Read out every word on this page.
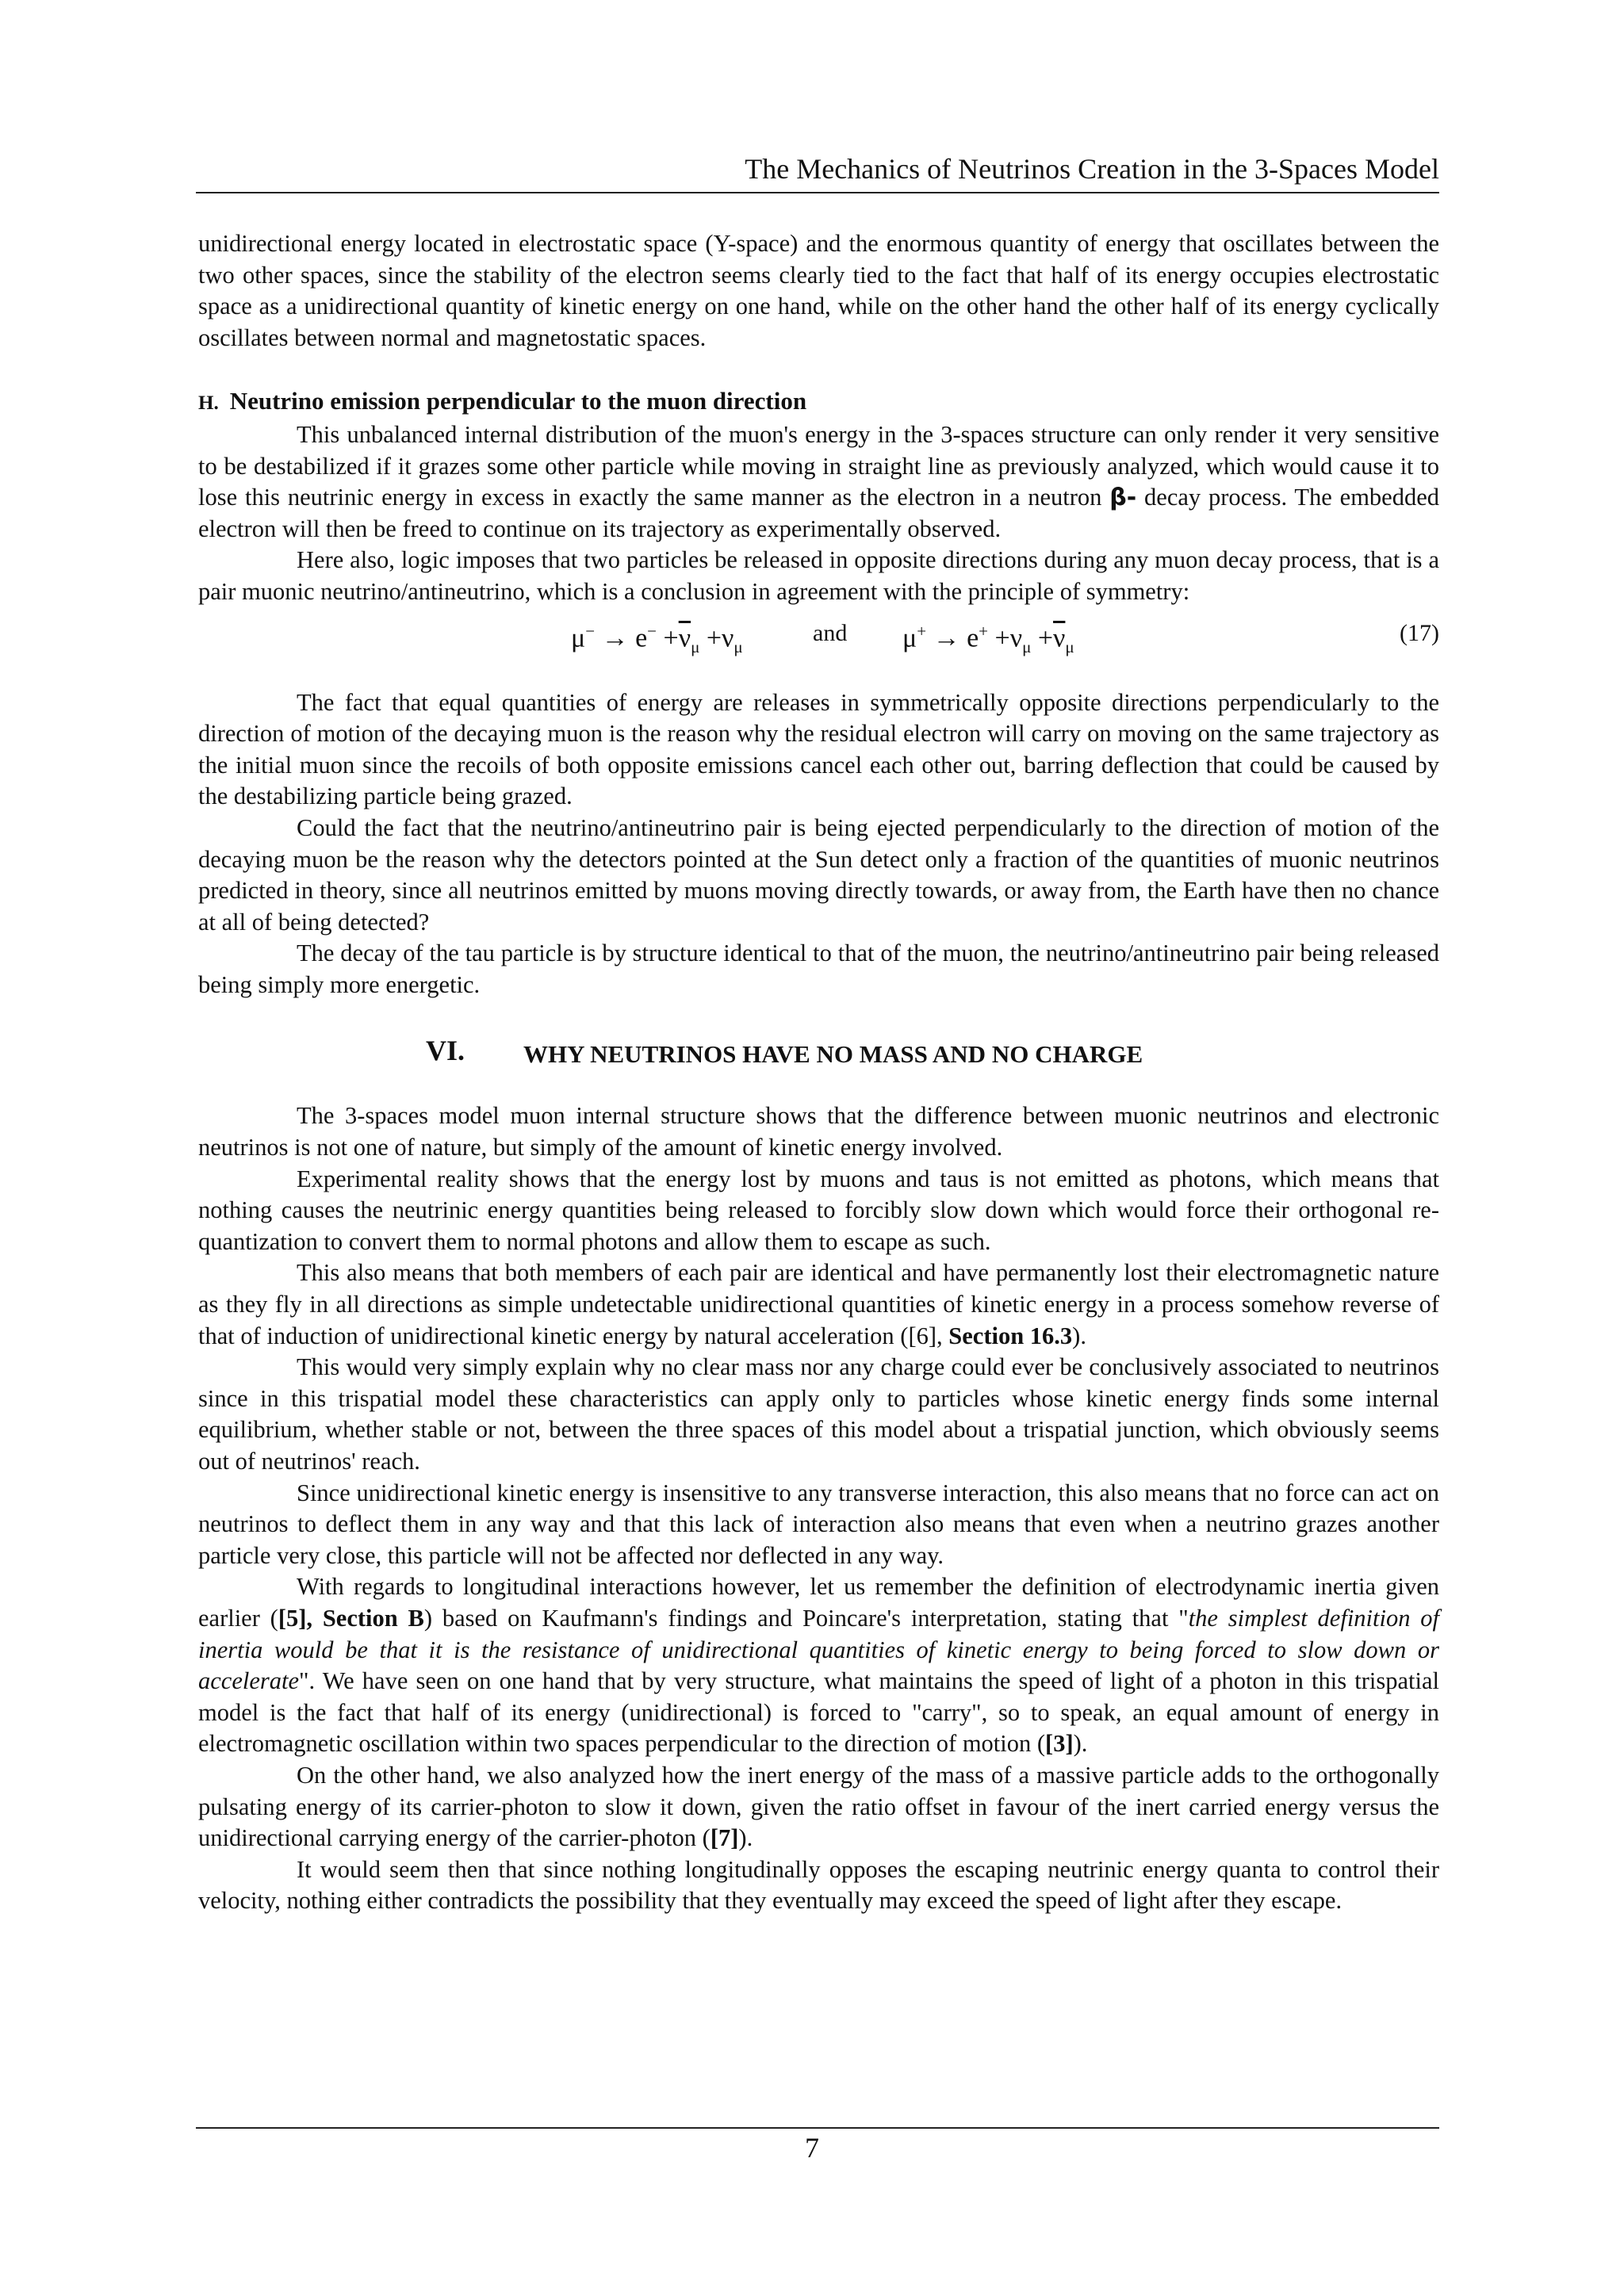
The Mechanics of Neutrinos Creation in the 3-Spaces Model

unidirectional energy located in electrostatic space (Y-space) and the enormous quantity of energy that oscillates between the two other spaces, since the stability of the electron seems clearly tied to the fact that half of its energy occupies electrostatic space as a unidirectional quantity of kinetic energy on one hand, while on the other hand the other half of its energy cyclically oscillates between normal and magnetostatic spaces.

H. Neutrino emission perpendicular to the muon direction

This unbalanced internal distribution of the muon's energy in the 3-spaces structure can only render it very sensitive to be destabilized if it grazes some other particle while moving in straight line as previously analyzed, which would cause it to lose this neutrinic energy in excess in exactly the same manner as the electron in a neutron β- decay process. The embedded electron will then be freed to continue on its trajectory as experimentally observed.

Here also, logic imposes that two particles be released in opposite directions during any muon decay process, that is a pair muonic neutrino/antineutrino, which is a conclusion in agreement with the principle of symmetry:

$\mu^- \to e^- +\overline{\nu}_\mu +\nu_\mu$
and $\mu^+ \to e^+ +\nu_\mu +\overline{\nu}_\mu$
(17)

The fact that equal quantities of energy are releases in symmetrically opposite directions perpendicularly to the direction of motion of the decaying muon is the reason why the residual electron will carry on moving on the same trajectory as the initial muon since the recoils of both opposite emissions cancel each other out, barring deflection that could be caused by the destabilizing particle being grazed.

Could the fact that the neutrino/antineutrino pair is being ejected perpendicularly to the direction of motion of the decaying muon be the reason why the detectors pointed at the Sun detect only a fraction of the quantities of muonic neutrinos predicted in theory, since all neutrinos emitted by muons moving directly towards, or away from, the Earth have then no chance at all of being detected?

The decay of the tau particle is by structure identical to that of the muon, the neutrino/antineutrino pair being released being simply more energetic.

VI. WHY NEUTRINOS HAVE NO MASS AND NO CHARGE

The 3-spaces model muon internal structure shows that the difference between muonic neutrinos and electronic neutrinos is not one of nature, but simply of the amount of kinetic energy involved.

Experimental reality shows that the energy lost by muons and taus is not emitted as photons, which means that nothing causes the neutrinic energy quantities being released to forcibly slow down which would force their orthogonal re-quantization to convert them to normal photons and allow them to escape as such.

This also means that both members of each pair are identical and have permanently lost their electromagnetic nature as they fly in all directions as simple undetectable unidirectional quantities of kinetic energy in a process somehow reverse of that of induction of unidirectional kinetic energy by natural acceleration ([6], Section 16.3).

This would very simply explain why no clear mass nor any charge could ever be conclusively associated to neutrinos since in this trispatial model these characteristics can apply only to particles whose kinetic energy finds some internal equilibrium, whether stable or not, between the three spaces of this model about a trispatial junction, which obviously seems out of neutrinos' reach.

Since unidirectional kinetic energy is insensitive to any transverse interaction, this also means that no force can act on neutrinos to deflect them in any way and that this lack of interaction also means that even when a neutrino grazes another particle very close, this particle will not be affected nor deflected in any way.

With regards to longitudinal interactions however, let us remember the definition of electrodynamic inertia given earlier ([5], Section B) based on Kaufmann's findings and Poincare's interpretation, stating that "the simplest definition of inertia would be that it is the resistance of unidirectional quantities of kinetic energy to being forced to slow down or accelerate". We have seen on one hand that by very structure, what maintains the speed of light of a photon in this trispatial model is the fact that half of its energy (unidirectional) is forced to "carry", so to speak, an equal amount of energy in electromagnetic oscillation within two spaces perpendicular to the direction of motion ([3]).

On the other hand, we also analyzed how the inert energy of the mass of a massive particle adds to the orthogonally pulsating energy of its carrier-photon to slow it down, given the ratio offset in favour of the inert carried energy versus the unidirectional carrying energy of the carrier-photon ([7]).

It would seem then that since nothing longitudinally opposes the escaping neutrinic energy quanta to control their velocity, nothing either contradicts the possibility that they eventually may exceed the speed of light after they escape.

7
